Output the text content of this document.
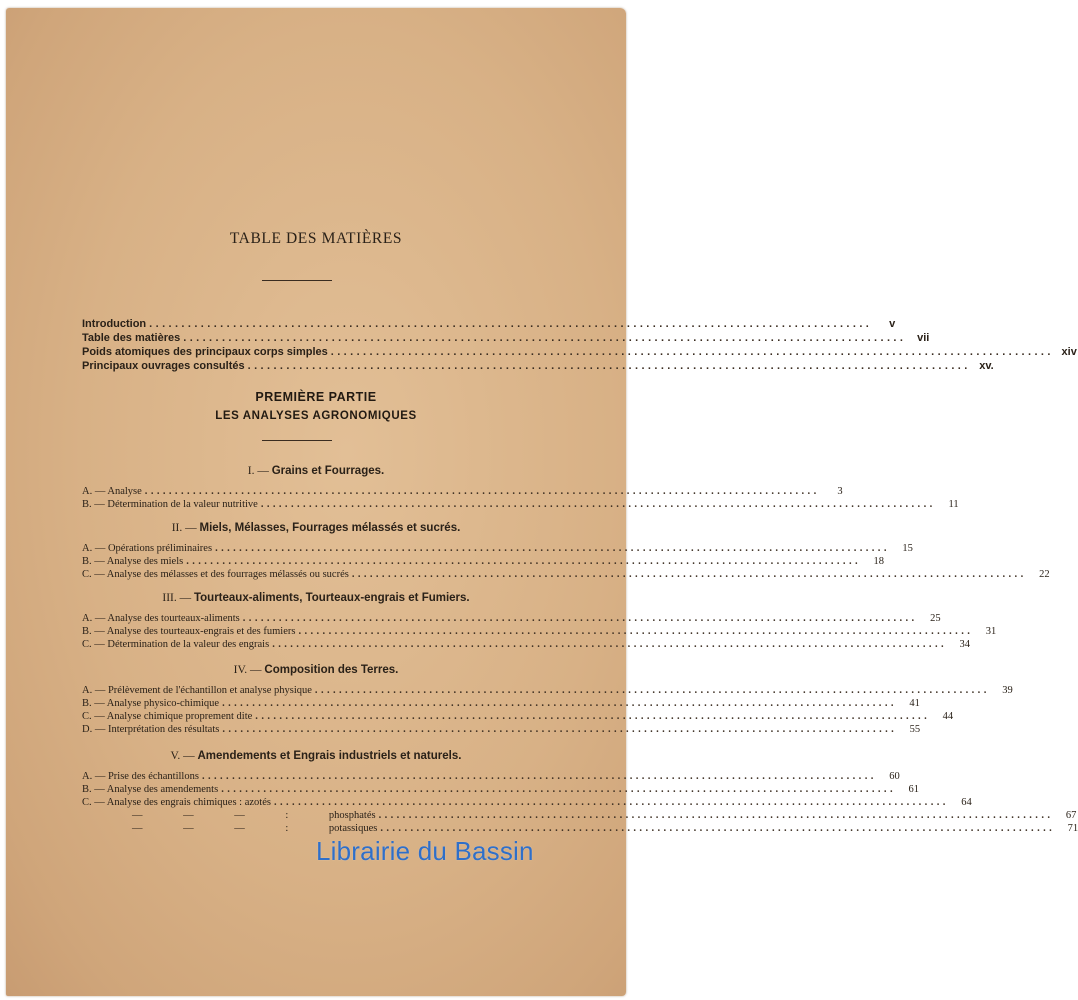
TABLE DES MATIÈRES
Introduction ................................................................................................................	v
Table des matières ................................................................................................................ vii
Poids atomiques des principaux corps simples ................................................................................................................ xiv
Principaux ouvrages consultés ................................................................................................................ xv.
PREMIÈRE PARTIE
LES ANALYSES AGRONOMIQUES
I. — Grains et Fourrages.
A. — Analyse ................................................................................................................	3
B. — Détermination de la valeur nutritive ................................................................................................................	11
II. — Miels, Mélasses, Fourrages mélassés et sucrés.
A. — Opérations préliminaires ................................................................................................................	15
B. — Analyse des miels ................................................................................................................	18
C. — Analyse des mélasses et des fourrages mélassés ou sucrés ................................................................................................................	22
III. — Tourteaux-aliments, Tourteaux-engrais et Fumiers.
A. — Analyse des tourteaux-aliments ................................................................................................................	25
B. — Analyse des tourteaux-engrais et des fumiers ................................................................................................................	31
C. — Détermination de la valeur des engrais ................................................................................................................	34
IV. — Composition des Terres.
A. — Prélèvement de l'échantillon et analyse physique ................................................................................................................	39
B. — Analyse physico-chimique ................................................................................................................	41
C. — Analyse chimique proprement dite ................................................................................................................	44
D. — Interprétation des résultats ................................................................................................................	55
V. — Amendements et Engrais industriels et naturels.
A. — Prise des échantillons ................................................................................................................	60
B. — Analyse des amendements ................................................................................................................	61
C. — Analyse des engrais chimiques : azotés ................................................................................................................	64
— — — : phosphatés ................................................................................................................	67
— — — : potassiques ................................................................................................................	71
Librairie du Bassin
